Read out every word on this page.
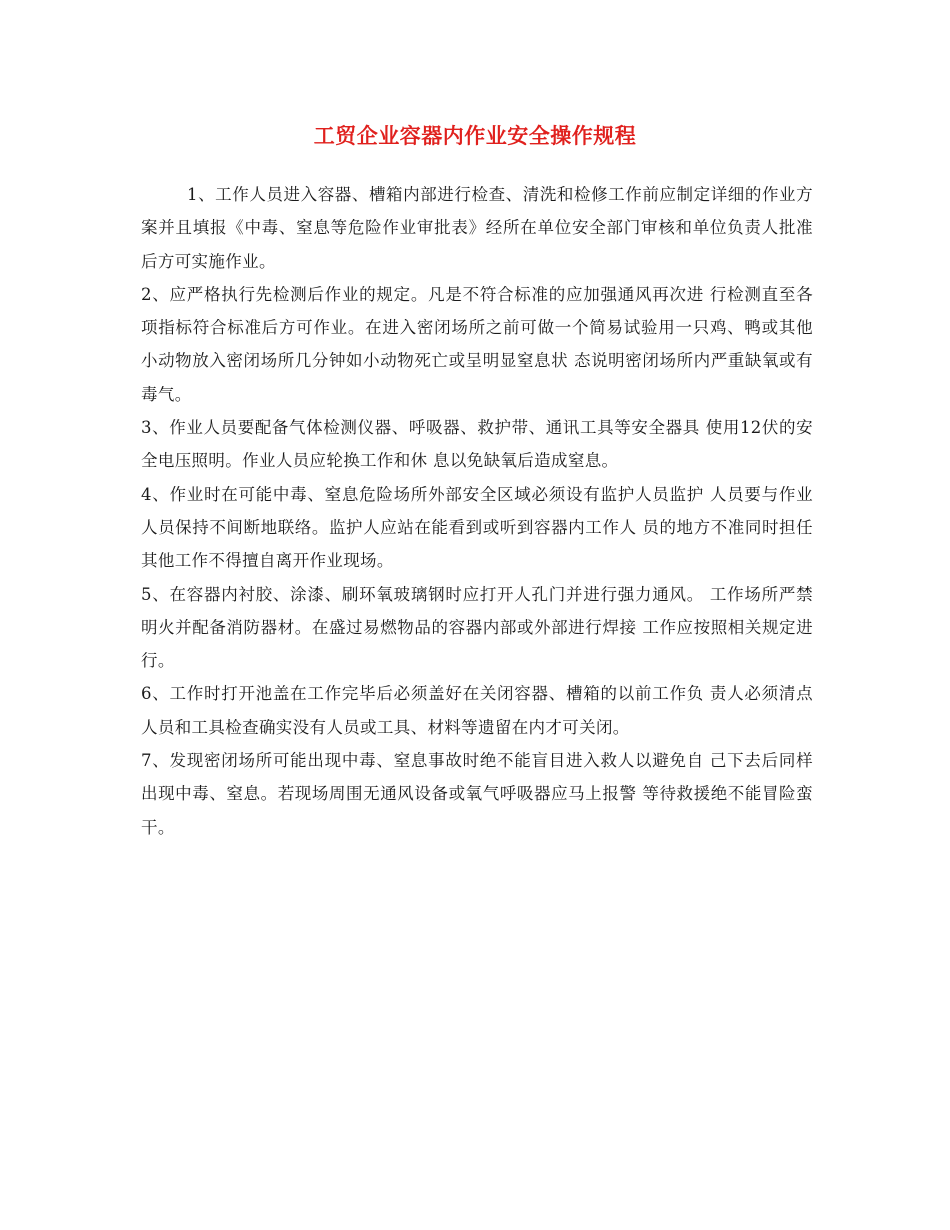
工贸企业容器内作业安全操作规程

1、工作人员进入容器、槽箱内部进行检查、清洗和检修工作前应制定详细的作业方案并且填报《中毒、窒息等危险作业审批表》经所在单位安全部门审核和单位负责人批准后方可实施作业。

2、应严格执行先检测后作业的规定。凡是不符合标准的应加强通风再次进 行检测直至各项指标符合标准后方可作业。在进入密闭场所之前可做一个简易试验用一只鸡、鸭或其他小动物放入密闭场所几分钟如小动物死亡或呈明显窒息状 态说明密闭场所内严重缺氧或有毒气。

3、作业人员要配备气体检测仪器、呼吸器、救护带、通讯工具等安全器具 使用12伏的安全电压照明。作业人员应轮换工作和休 息以免缺氧后造成窒息。

4、作业时在可能中毒、窒息危险场所外部安全区域必须设有监护人员监护 人员要与作业人员保持不间断地联络。监护人应站在能看到或听到容器内工作人 员的地方不准同时担任其他工作不得擅自离开作业现场。

5、在容器内衬胶、涂漆、刷环氧玻璃钢时应打开人孔门并进行强力通风。 工作场所严禁明火并配备消防器材。在盛过易燃物品的容器内部或外部进行焊接 工作应按照相关规定进行。

6、工作时打开池盖在工作完毕后必须盖好在关闭容器、槽箱的以前工作负 责人必须清点人员和工具检查确实没有人员或工具、材料等遗留在内才可关闭。

7、发现密闭场所可能出现中毒、窒息事故时绝不能盲目进入救人以避免自 己下去后同样出现中毒、窒息。若现场周围无通风设备或氧气呼吸器应马上报警 等待救援绝不能冒险蛮干。
